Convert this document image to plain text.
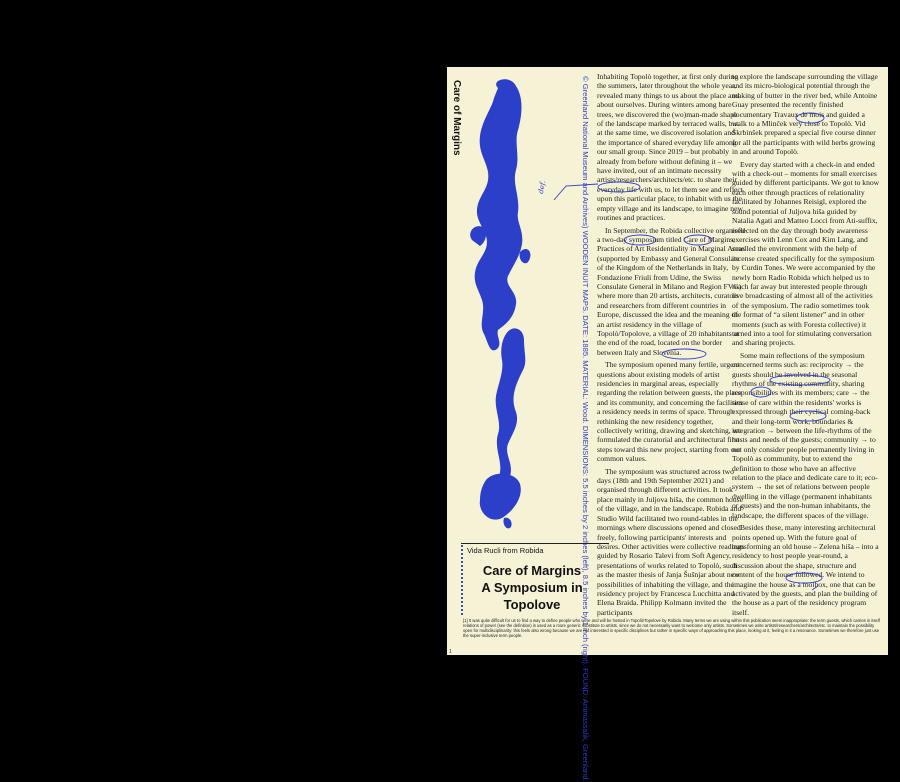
Care of Margins	© Greenland National Museum and Archives) WOODEN INUIT MAPS. DATE: 1885. MATERIAL: Wood. DIMENSIONS: 5.5 inches by 2 inches (left), 8.5 inches by 1 inch (right). FOUND: Ammassalik, Greenland.
def.
Vida Rucli from Robida
Care of Margins
A Symposium in
Topolove

Inhabiting Topolò together, at first only during the summers, later throughout the whole year, revealed many things to us about the place and about ourselves. During winters among bare trees, we discovered the (wo)man-made shape of the landscape marked by terraced walls, but at the same time, we discovered isolation and the importance of shared everyday life among our small group. Since 2019 – but probably already from before without defining it – we have invited, out of an intimate necessity artists/researchers/architects/etc. to share their everyday life with us, to let them see and reflect upon this particular place, to inhabit with us the empty village and its landscape, to imagine new routines and practices.

In September, the Robida collective organised a two-day symposium titled Care of Margins, Practices of Art Residentiality in Marginal Areas (supported by Embassy and General Consulate of the Kingdom of the Netherlands in Italy, Fondazione Friuli from Udine, the Swiss Consulate General in Milano and Region FVG) where more than 20 artists, architects, curators and researchers from different countries in Europe, discussed the idea and the meaning of an artist residency in the village of Topolò/Topolove, a village of 20 inhabitants at the end of the road, located on the border between Italy and Slovenia.

The symposium opened many fertile, urgent questions about existing models of artist residencies in marginal areas, especially regarding the relation between guests, the place and its community, and concerning the facilities a residency needs in terms of space. Through rethinking the new residency together, collectively writing, drawing and sketching, we formulated the curatorial and architectural first steps toward this new project, starting from our common values.

The symposium was structured across two days (18th and 19th September 2021) and organised through different activities. It took place mainly in Juljova hiša, the common house of the village, and in the landscape. Robida and Studio Wild facilitated two round-tables in the mornings where discussions opened and closed freely, following participants' interests and desires. Other activities were collective readings guided by Rosario Talevi from Soft Agency, presentations of works related to Topolò, such as the master thesis of Janja Šušnjar about new possibilities of inhabiting the village, and the residency project by Francesca Lucchitta and Elena Braida. Philipp Kolmann invited the participants

to explore the landscape surrounding the village and its micro-biological potential through the making of butter in the river bed, while Antoine Guay presented the recently finished documentary Travaux de mois and guided a walk to a Mlinček very close to Topolò. Vid Škrbinšek prepared a special five course dinner for all the participants with wild herbs growing in and around Topolò.

Every day started with a check-in and ended with a check-out – moments for small exercises guided by different participants. We got to know each other through practices of relationality facilitated by Johannes Reisigl, explored the sound potential of Juljova hiša guided by Natalia Agati and Matteo Locci from Ati-suffix, reflected on the day through body awareness exercises with Lenn Cox and Kim Lang, and smelled the environment with the help of incense created specifically for the symposium by Curdin Tones. We were accompanied by the newly born Radio Robida which helped us to reach far away but interested people through live broadcasting of almost all of the activities of the symposium. The radio sometimes took the format of “a silent listener” and in other moments (such as with Foresta collective) it turned into a tool for stimulating conversation and sharing projects.

Some main reflections of the symposium concerned terms such as: reciprocity → the guests should be involved in the seasonal rhythms of the existing community, sharing responsibilities with its members; care → the sense of care within the residents' works is expressed through their cyclical coming-back and their long-term work; boundaries & integration → between the life-rhythms of the hosts and needs of the guests; community → to not only consider people permanently living in Topolò as community, but to extend the definition to those who have an affective relation to the place and dedicate care to it; eco-system → the set of relations between people dwelling in the village (permanent inhabitants or guests) and the non-human inhabitants, the landscape, the different spaces of the village.

Besides these, many interesting architectural points opened up. With the future goal of transforming an old house – Zelena hiša – into a residency to host people year-round, a discussion about the shape, structure and content of the house followed. We intend to imagine the house as a toolbox, one that can be activated by the guests, and plan the building of the house as a part of the residency program itself.

[1] It was quite difficult for us to find a way to define people who were and will be hosted in Topolò/Topolove by Robida. Many terms we are using within this publication seem inappropriate: the term guests, which carries in itself relations of power (see the definition) is used as a more generic substitute to artists, since we do not necessarily want to welcome only artists. Sometimes we write artists/researchers/architects/etc. to maintain the possibility open for multidisciplinarity: this feels also wrong because we are not interested in specific disciplines but rather in specific ways of approaching this place, looking at it, feeling in it a resonance. Sometimes we therefore just use the super-inclusive term people.
1
